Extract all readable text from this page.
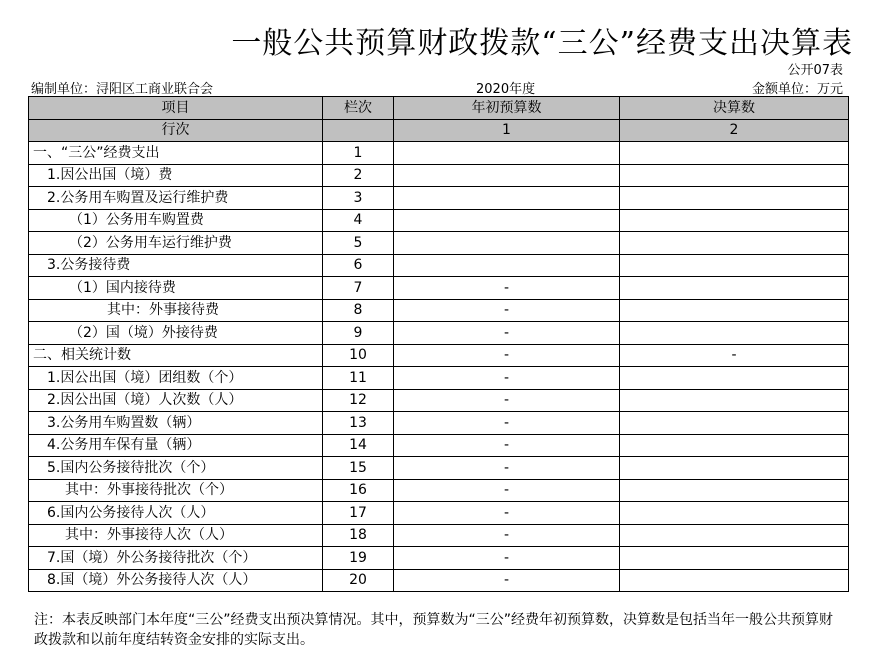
一般公共预算财政拨款“三公”经费支出决算表
公开07表
编制单位：浔阳区工商业联合会	2020年度	金额单位：万元
项目	栏次	年初预算数	决算数
行次		1	2
一、“三公”经费支出	1		
1.因公出国（境）费	2		
2.公务用车购置及运行维护费	3		
（1）公务用车购置费	4		
（2）公务用车运行维护费	5		
3.公务接待费	6		
（1）国内接待费	7	-	
其中：外事接待费	8	-	
（2）国（境）外接待费	9	-	
二、相关统计数	10	-	-
1.因公出国（境）团组数（个）	11	-	
2.因公出国（境）人次数（人）	12	-	
3.公务用车购置数（辆）	13	-	
4.公务用车保有量（辆）	14	-	
5.国内公务接待批次（个）	15	-	
其中：外事接待批次（个）	16	-	
6.国内公务接待人次（人）	17	-	
其中：外事接待人次（人）	18	-	
7.国（境）外公务接待批次（个）	19	-	
8.国（境）外公务接待人次（人）	20	-	
注：本表反映部门本年度“三公”经费支出预决算情况。其中，预算数为“三公”经费年初预算数，决算数是包括当年一般公共预算财政拨款和以前年度结转资金安排的实际支出。
